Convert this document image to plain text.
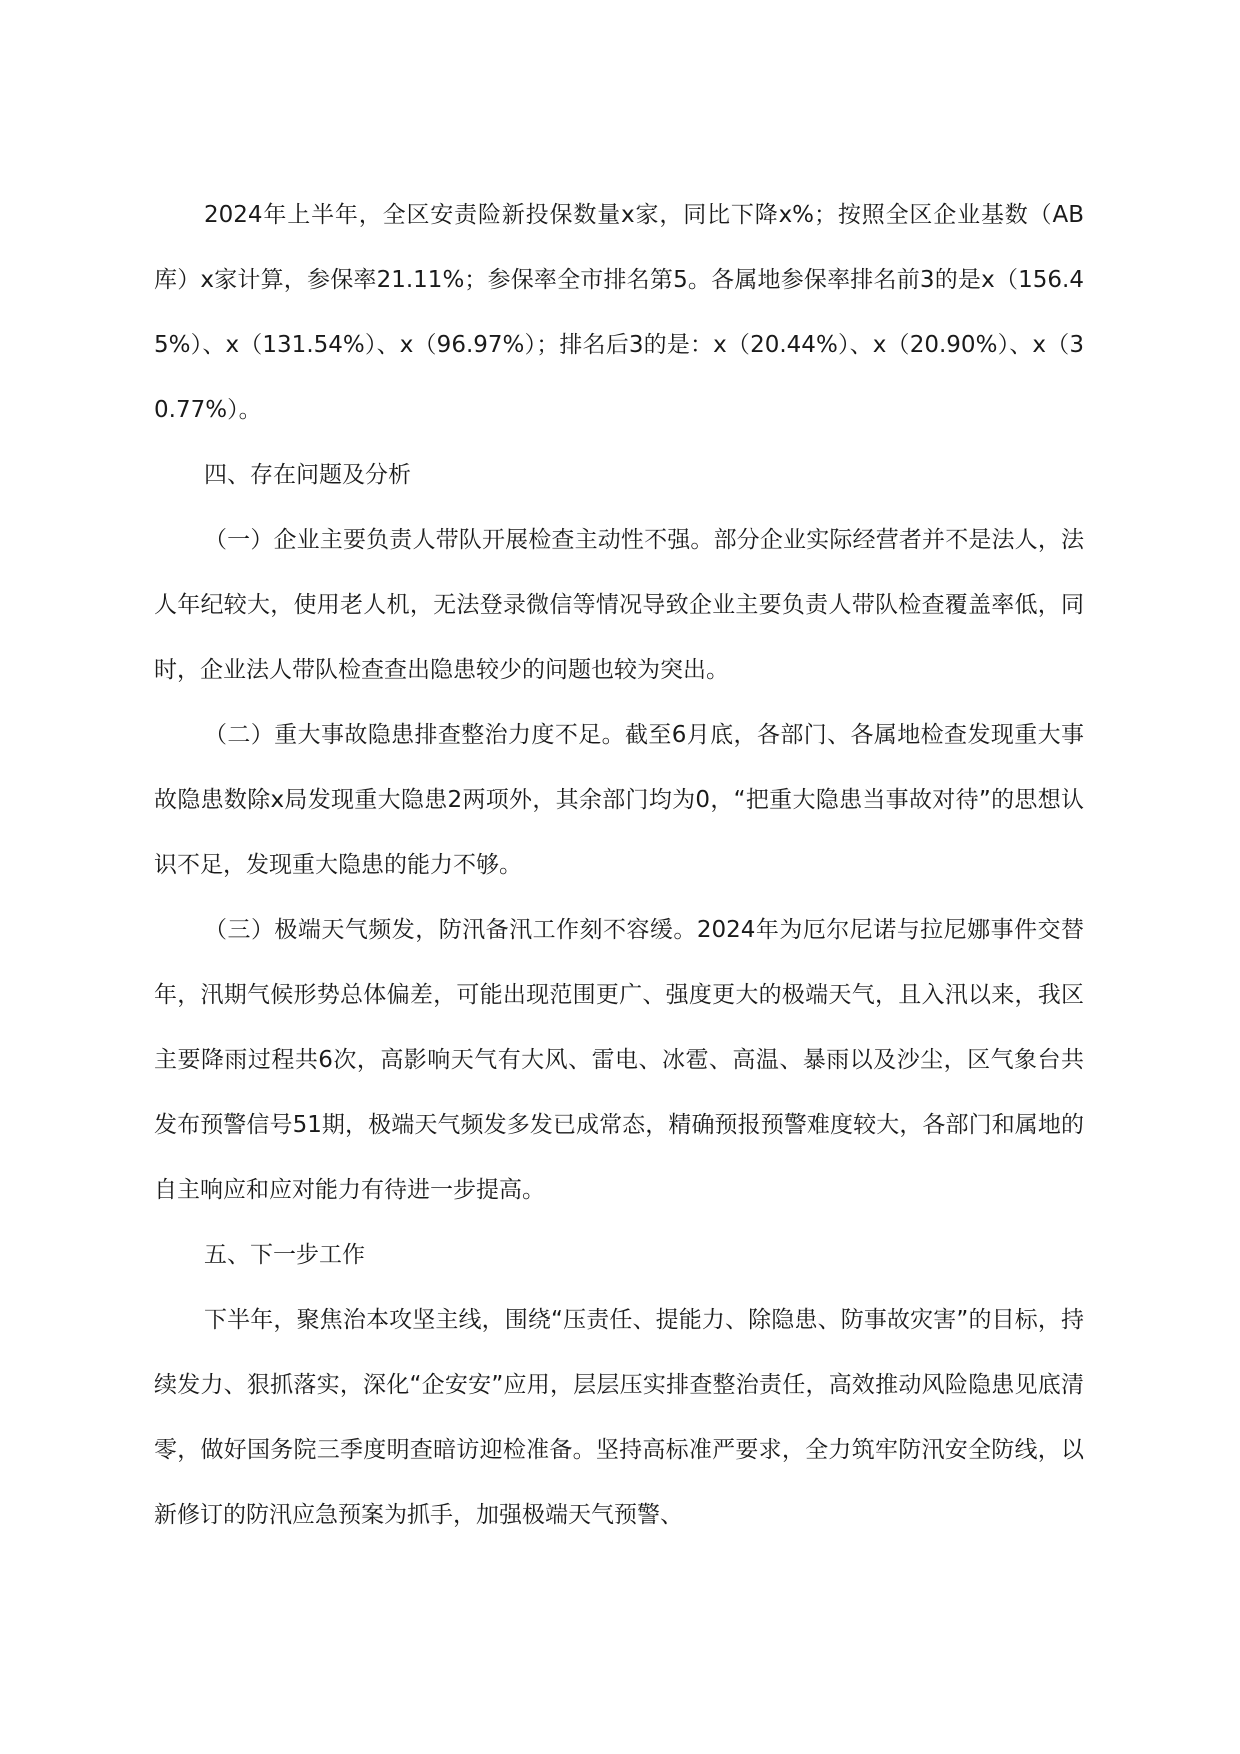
2024年上半年，全区安责险新投保数量x家，同比下降x%；按照全区企业基数（AB库）x家计算，参保率21.11%；参保率全市排名第5。各属地参保率排名前3的是x（156.45%）、x（131.54%）、x（96.97%）；排名后3的是：x（20.44%）、x（20.90%）、x（30.77%）。

四、存在问题及分析

（一）企业主要负责人带队开展检查主动性不强。部分企业实际经营者并不是法人，法人年纪较大，使用老人机，无法登录微信等情况导致企业主要负责人带队检查覆盖率低，同时，企业法人带队检查查出隐患较少的问题也较为突出。

（二）重大事故隐患排查整治力度不足。截至6月底，各部门、各属地检查发现重大事故隐患数除x局发现重大隐患2两项外，其余部门均为0，“把重大隐患当事故对待”的思想认识不足，发现重大隐患的能力不够。

（三）极端天气频发，防汛备汛工作刻不容缓。2024年为厄尔尼诺与拉尼娜事件交替年，汛期气候形势总体偏差，可能出现范围更广、强度更大的极端天气，且入汛以来，我区主要降雨过程共6次，高影响天气有大风、雷电、冰雹、高温、暴雨以及沙尘，区气象台共发布预警信号51期，极端天气频发多发已成常态，精确预报预警难度较大，各部门和属地的自主响应和应对能力有待进一步提高。

五、下一步工作

下半年，聚焦治本攻坚主线，围绕“压责任、提能力、除隐患、防事故灾害”的目标，持续发力、狠抓落实，深化“企安安”应用，层层压实排查整治责任，高效推动风险隐患见底清零，做好国务院三季度明查暗访迎检准备。坚持高标准严要求，全力筑牢防汛安全防线，以新修订的防汛应急预案为抓手，加强极端天气预警、
